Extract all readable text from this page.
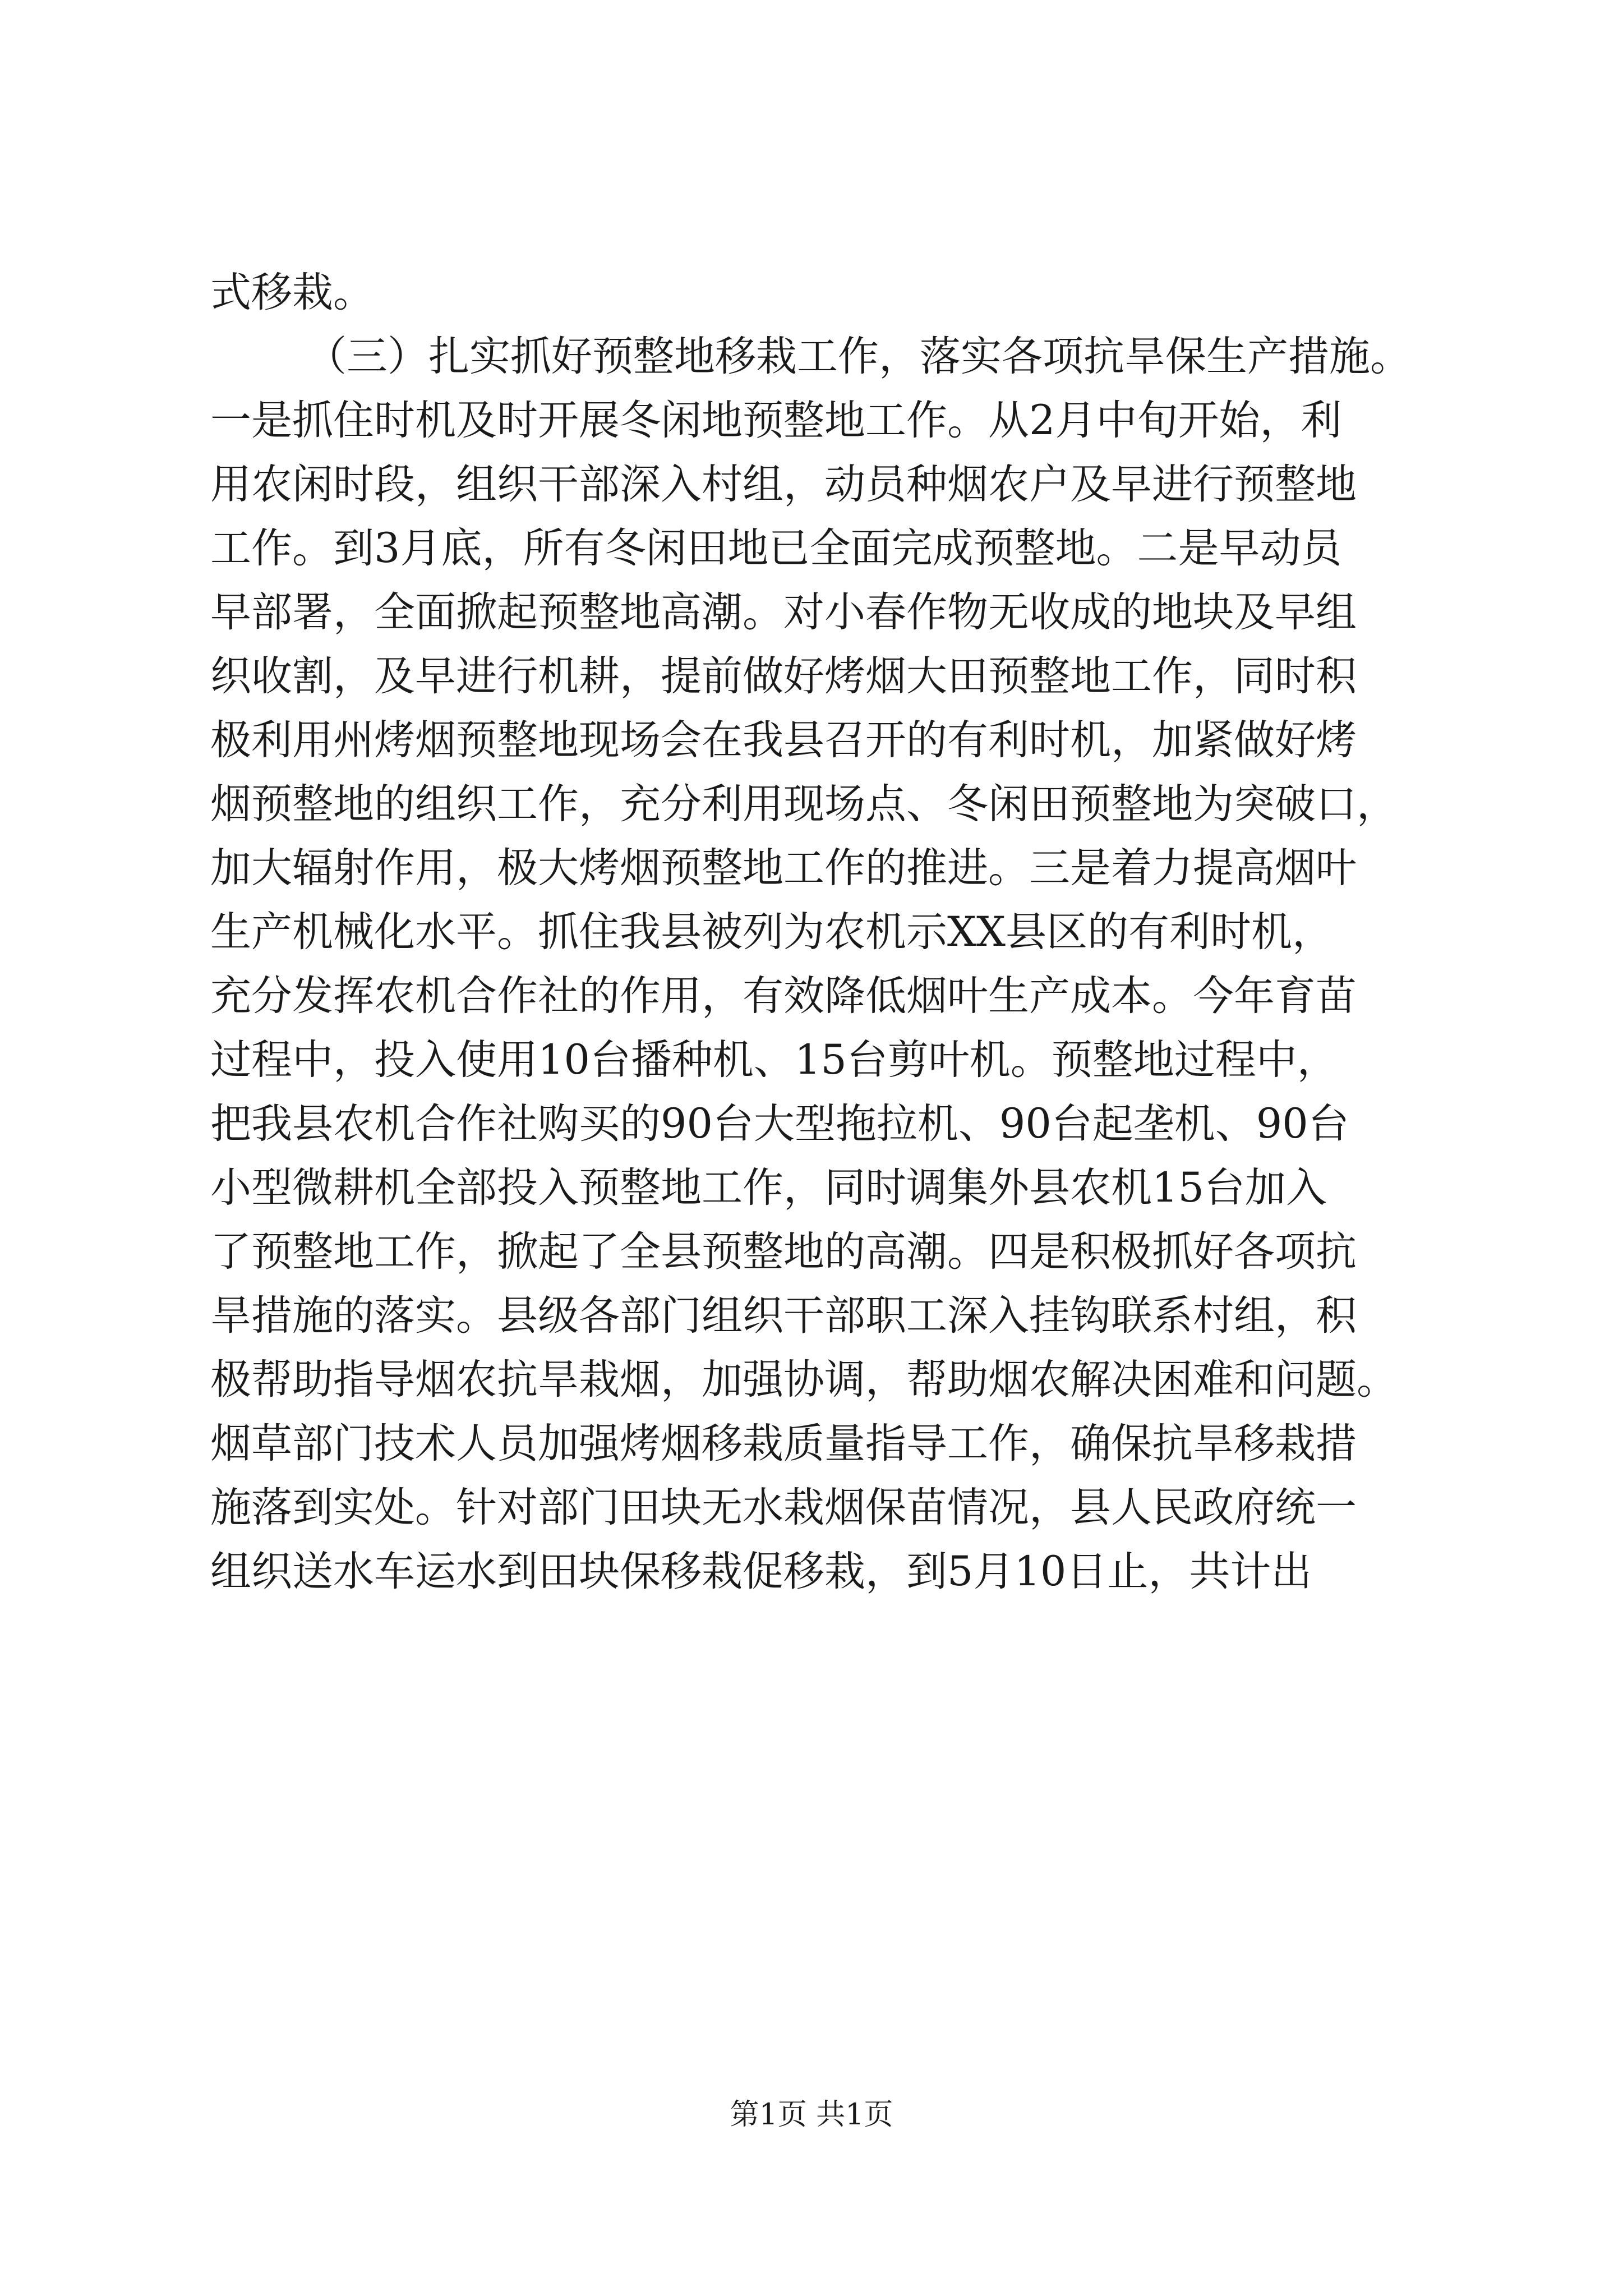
式移栽。
（三）扎实抓好预整地移栽工作，落实各项抗旱保生产措施。
一是抓住时机及时开展冬闲地预整地工作。从2月中旬开始，利
用农闲时段，组织干部深入村组，动员种烟农户及早进行预整地
工作。到3月底，所有冬闲田地已全面完成预整地。二是早动员
早部署，全面掀起预整地高潮。对小春作物无收成的地块及早组
织收割，及早进行机耕，提前做好烤烟大田预整地工作，同时积
极利用州烤烟预整地现场会在我县召开的有利时机，加紧做好烤
烟预整地的组织工作，充分利用现场点、冬闲田预整地为突破口，
加大辐射作用，极大烤烟预整地工作的推进。三是着力提高烟叶
生产机械化水平。抓住我县被列为农机示XX县区的有利时机，
充分发挥农机合作社的作用，有效降低烟叶生产成本。今年育苗
过程中，投入使用10台播种机、15台剪叶机。预整地过程中，
把我县农机合作社购买的90台大型拖拉机、90台起垄机、90台
小型微耕机全部投入预整地工作，同时调集外县农机15台加入
了预整地工作，掀起了全县预整地的高潮。四是积极抓好各项抗
旱措施的落实。县级各部门组织干部职工深入挂钩联系村组，积
极帮助指导烟农抗旱栽烟，加强协调，帮助烟农解决困难和问题。
烟草部门技术人员加强烤烟移栽质量指导工作，确保抗旱移栽措
施落到实处。针对部门田块无水栽烟保苗情况，县人民政府统一
组织送水车运水到田块保移栽促移栽，到5月10日止，共计出
第1页 共1页
